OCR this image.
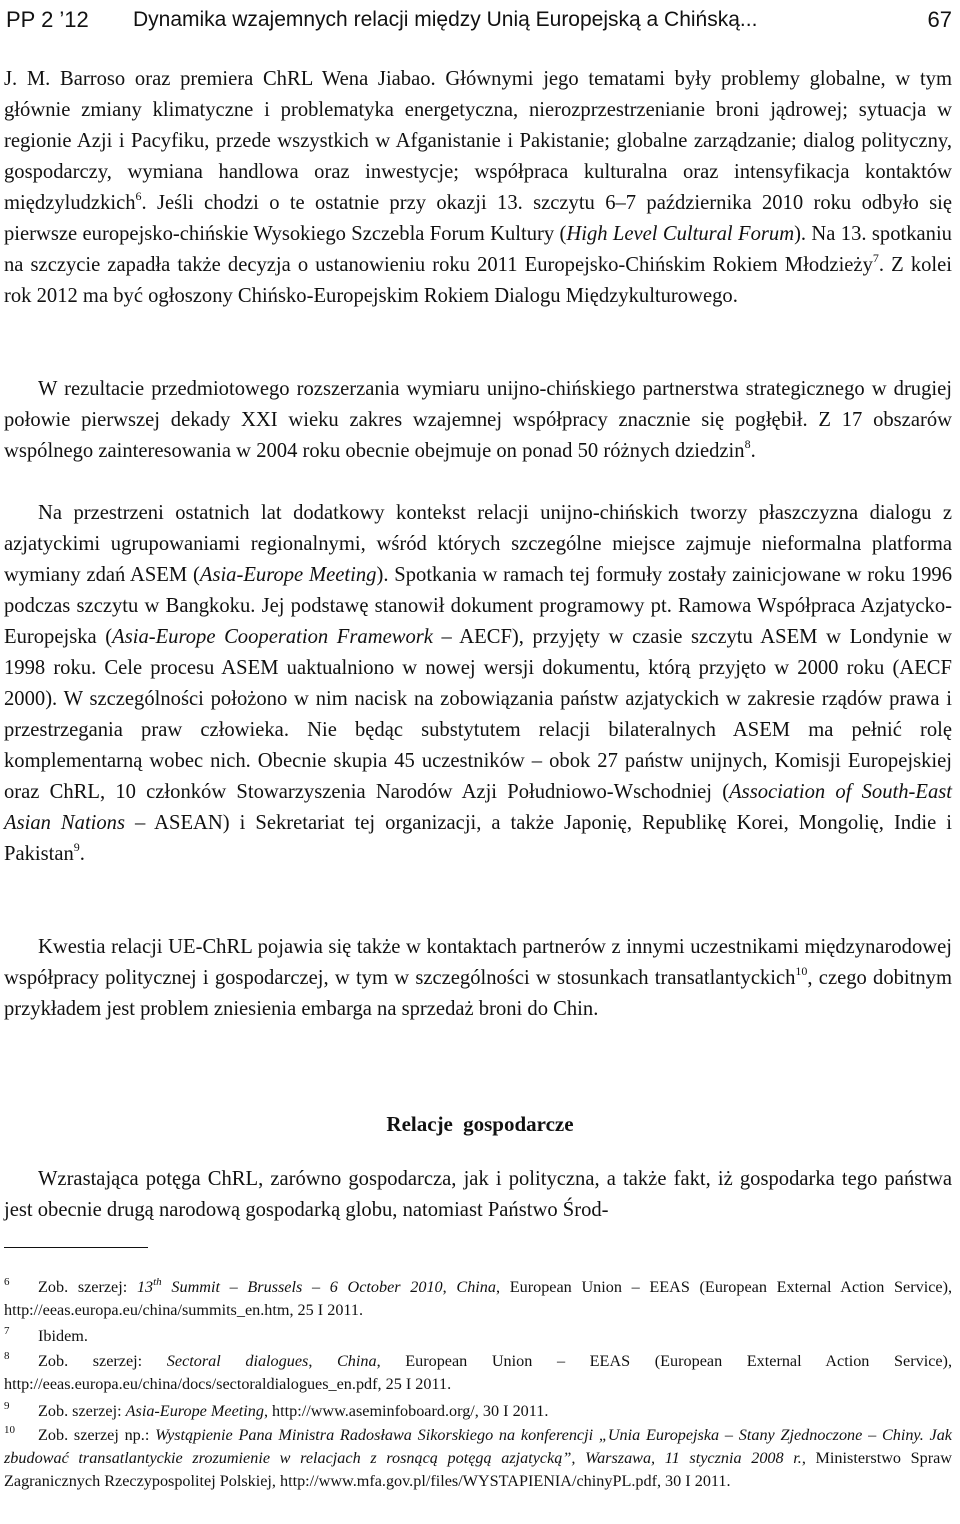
PP 2 ’12 Dynamika wzajemnych relacji między Unią Europejską a Chińską...	67

J. M. Barroso oraz premiera ChRL Wena Jiabao. Głównymi jego tematami były problemy globalne, w tym głównie zmiany klimatyczne i problematyka energetyczna, nierozprzestrzenianie broni jądrowej; sytuacja w regionie Azji i Pacyfiku, przede wszystkich w Afganistanie i Pakistanie; globalne zarządzanie; dialog polityczny, gospodarczy, wymiana handlowa oraz inwestycje; współpraca kulturalna oraz intensyfikacja kontaktów międzyludzkich$^6$. Jeśli chodzi o te ostatnie przy okazji 13. szczytu 6–7 października 2010 roku odbyło się pierwsze europejsko-chińskie Wysokiego Szczebla Forum Kultury (High Level Cultural Forum). Na 13. spotkaniu na szczycie zapadła także decyzja o ustanowieniu roku 2011 Europejsko-Chińskim Rokiem Młodzieży$^7$. Z kolei rok 2012 ma być ogłoszony Chińsko-Europejskim Rokiem Dialogu Międzykulturowego.

W rezultacie przedmiotowego rozszerzania wymiaru unijno-chińskiego partnerstwa strategicznego w drugiej połowie pierwszej dekady XXI wieku zakres wzajemnej współpracy znacznie się pogłębił. Z 17 obszarów wspólnego zainteresowania w 2004 roku obecnie obejmuje on ponad 50 różnych dziedzin$^8$.

Na przestrzeni ostatnich lat dodatkowy kontekst relacji unijno-chińskich tworzy płaszczyzna dialogu z azjatyckimi ugrupowaniami regionalnymi, wśród których szczególne miejsce zajmuje nieformalna platforma wymiany zdań ASEM (Asia-Europe Meeting). Spotkania w ramach tej formuły zostały zainicjowane w roku 1996 podczas szczytu w Bangkoku. Jej podstawę stanowił dokument programowy pt. Ramowa Współpraca Azjatycko-Europejska (Asia-Europe Cooperation Framework – AECF), przyjęty w czasie szczytu ASEM w Londynie w 1998 roku. Cele procesu ASEM uaktualniono w nowej wersji dokumentu, którą przyjęto w 2000 roku (AECF 2000). W szczególności położono w nim nacisk na zobowiązania państw azjatyckich w zakresie rządów prawa i przestrzegania praw człowieka. Nie będąc substytutem relacji bilateralnych ASEM ma pełnić rolę komplementarną wobec nich. Obecnie skupia 45 uczestników – obok 27 państw unijnych, Komisji Europejskiej oraz ChRL, 10 członków Stowarzyszenia Narodów Azji Południowo-Wschodniej (Association of South-East Asian Nations – ASEAN) i Sekretariat tej organizacji, a także Japonię, Republikę Korei, Mongolię, Indie i Pakistan$^9$.

Kwestia relacji UE-ChRL pojawia się także w kontaktach partnerów z innymi uczestnikami międzynarodowej współpracy politycznej i gospodarczej, w tym w szczególności w stosunkach transatlantyckich$^{10}$, czego dobitnym przykładem jest problem zniesienia embarga na sprzedaż broni do Chin.

Relacje gospodarcze

Wzrastająca potęga ChRL, zarówno gospodarcza, jak i polityczna, a także fakt, iż gospodarka tego państwa jest obecnie drugą narodową gospodarką globu, natomiast Państwo Środ-

$^6$ Zob. szerzej: 13th Summit – Brussels – 6 October 2010, China, European Union – EEAS (European External Action Service), http://eeas.europa.eu/china/summits_en.htm, 25 I 2011.

$^7$ Ibidem.

$^8$ Zob. szerzej: Sectoral dialogues, China, European Union – EEAS (European External Action Service), http://eeas.europa.eu/china/docs/sectoraldialogues_en.pdf, 25 I 2011.

$^9$ Zob. szerzej: Asia-Europe Meeting, http://www.aseminfoboard.org/, 30 I 2011.

$^{10}$ Zob. szerzej np.: Wystąpienie Pana Ministra Radosława Sikorskiego na konferencji „Unia Europejska – Stany Zjednoczone – Chiny. Jak zbudować transatlantyckie zrozumienie w relacjach z rosnącą potęgą azjatycką”, Warszawa, 11 stycznia 2008 r., Ministerstwo Spraw Zagranicznych Rzeczypospolitej Polskiej, http://www.mfa.gov.pl/files/WYSTAPIENIA/chinyPL.pdf, 30 I 2011.
